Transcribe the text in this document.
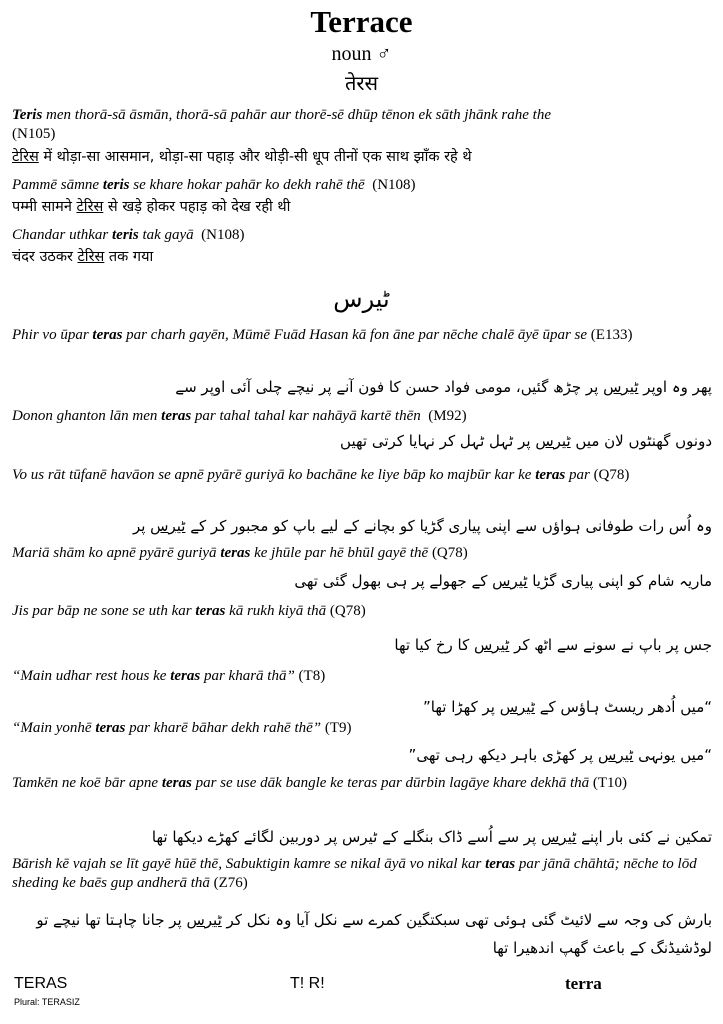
Terrace
noun ♂
तेरस
Teris men thorā-sā āsmān, thorā-sā pahār aur thorē-sē dhūp tēnon ek sāth jhānk rahe the
(N105)
टेरिस में थोड़ा-सा आसमान, थोड़ा-सा पहाड़ और थोड़ी-सी धूप तीनों एक साथ झाँक रहे थे
Pammē sāmne teris se khare hokar pahār ko dekh rahē thē (N108)
पम्मी सामने टेरिस से खड़े होकर पहाड़ को देख रही थी
Chandar uthkar teris tak gayā (N108)
चंदर उठकर टेरिस तक गया
ٹیرس
Phir vo ūpar teras par charh gayēn, Mūmē Fuād Hasan kā fon āne par nēche chalē āyē ūpar se (E133)
پھر وہ اوپر ٹیرس پر چڑھ گئیں، مومی فواد حسن کا فون آنے پر نیچے چلی آئی اوپر سے
Donon ghanton lān men teras par tahal tahal kar nahāyā kartē thēn (M92)
دونوں گھنٹوں لان میں ٹیرس پر ٹہل ٹہل کر نہایا کرتی تھیں
Vo us rāt tūfanē havāon se apnē pyārē guriyā ko bachāne ke liye bāp ko majbūr kar ke teras par (Q78)
وہ اُس رات طوفانی ہواؤں سے اپنی پیاری گڑیا کو بچانے کے لیے باپ کو مجبور کر کے ٹیرس پر
Mariā shām ko apnē pyārē guriyā teras ke jhūle par hē bhūl gayē thē (Q78)
ماریہ شام کو اپنی پیاری گڑیا ٹیرس کے جھولے پر ہی بھول گئی تھی
Jis par bāp ne sone se uth kar teras kā rukh kiyā thā (Q78)
جس پر باپ نے سونے سے اٹھ کر ٹیرس کا رخ کیا تھا
“Main udhar rest hous ke teras par kharā thā” (T8)
“میں اُدھر ریسٹ ہاؤس کے ٹیرس پر کھڑا تھا”
“Main yonhē teras par kharē bāhar dekh rahē thē” (T9)
“میں یونہی ٹیرس پر کھڑی باہر دیکھ رہی تھی”
Tamkēn ne koē bār apne teras par se use dāk bangle ke teras par dūrbin lagāye khare dekhā thā (T10)
تمکین نے کئی بار اپنے ٹیرس پر سے اُسے ڈاک بنگلے کے ٹیرس پر دوربین لگائے کھڑے دیکھا تھا
Bārish kē vajah se līt gayē hūē thē, Sabuktigin kamre se nikal āyā vo nikal kar teras par jānā chāhtā; nēche to lōd sheding ke baēs gup andherā thā (Z76)
بارش کی وجہ سے لائیٹ گئی ہوئی تھی سبکتگین کمرے سے نکل آیا وہ نکل کر ٹیرس پر جانا چاہتا تھا نیچے تو لوڈشیڈنگ کے باعث گھپ اندھیرا تھا
TERAS	T! R!	terra
Plural: TERASIZ
